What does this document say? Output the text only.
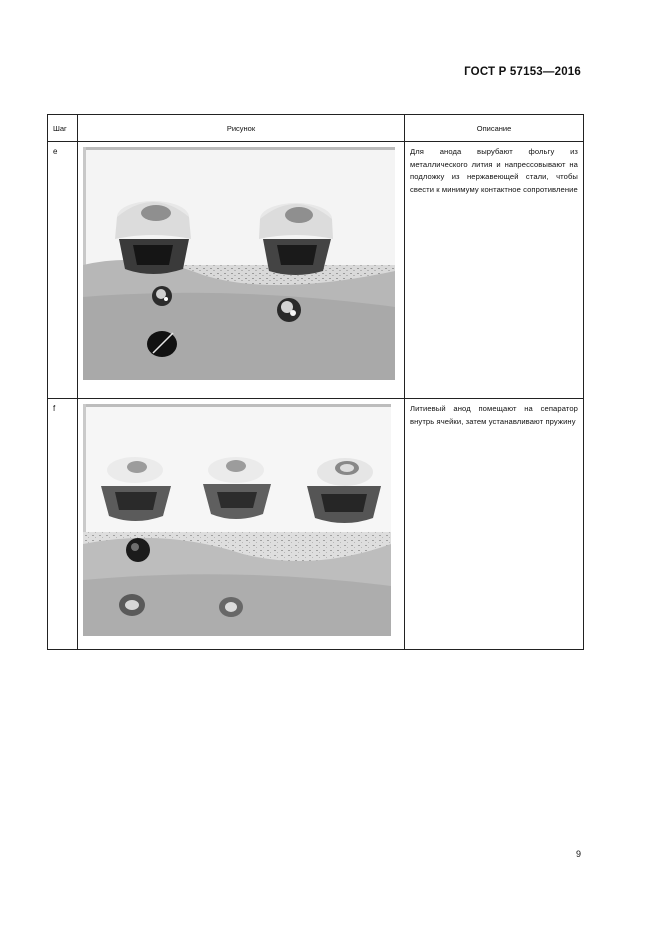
ГОСТ Р 57153—2016
Шаг	Рисунок	Описание
e		Для анода вырубают фольгу из металлического лития и напрессовывают на подложку из нержавеющей стали, чтобы свести к минимуму контактное сопротивление
f		Литиевый анод помещают на сепаратор внутрь ячейки, затем устанавливают пружину
9
